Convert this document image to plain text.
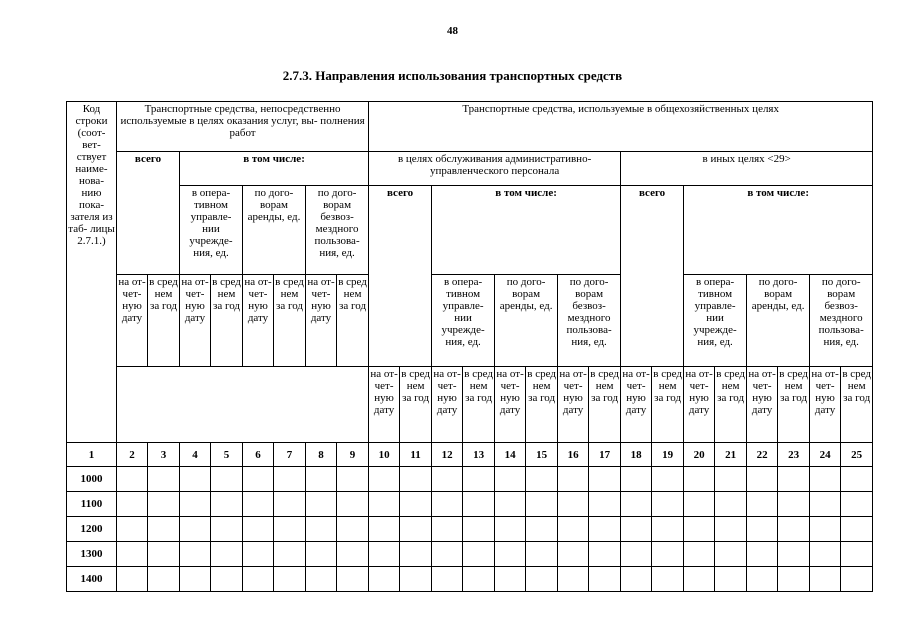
48
2.7.3. Направления использования транспортных средств
Код строки (соот- вет- ствует наиме- нова- нию пока- зателя из таб- лицы 2.7.1.)	Транспортные средства, непосредственно используемые в целях оказания услуг, вы- полнения работ								Транспортные средства, используемые в общехозяйственных целях															
	всего		в том числе:						в целях обслуживания административно- управленческого персонала								в иных целях <29>							
			в опера- тивном управле- нии учрежде- ния, ед.		по дого- ворам аренды, ед.		по дого- ворам безвоз- мездного пользова- ния, ед.		всего		в том числе:						всего		в том числе:					
	на от- чет- ную дату	в сред нем за год	на от- чет- ную дату	в сред нем за год	на от- чет- ную дату	в сред нем за год	на от- чет- ную дату	в сред нем за год			в опера- тивном управле- нии учрежде- ния, ед.		по дого- ворам аренды, ед.		по дого- ворам безвоз- мездного пользова- ния, ед.				в опера- тивном управле- нии учрежде- ния, ед.		по дого- ворам аренды, ед.		по дого- ворам безвоз- мездного пользова- ния, ед.	
									на от- чет- ную дату	в сред нем за год	на от- чет- ную дату	в сред нем за год	на от- чет- ную дату	в сред нем за год	на от- чет- ную дату	в сред нем за год	на от- чет- ную дату	в сред нем за год	на от- чет- ную дату	в сред нем за год	на от- чет- ную дату	в сред нем за год	на от- чет- ную дату	в сред нем за год
1	2	3	4	5	6	7	8	9	10	11	12	13	14	15	16	17	18	19	20	21	22	23	24	25
1000																								
1100																								
1200																								
1300																								
1400																								
